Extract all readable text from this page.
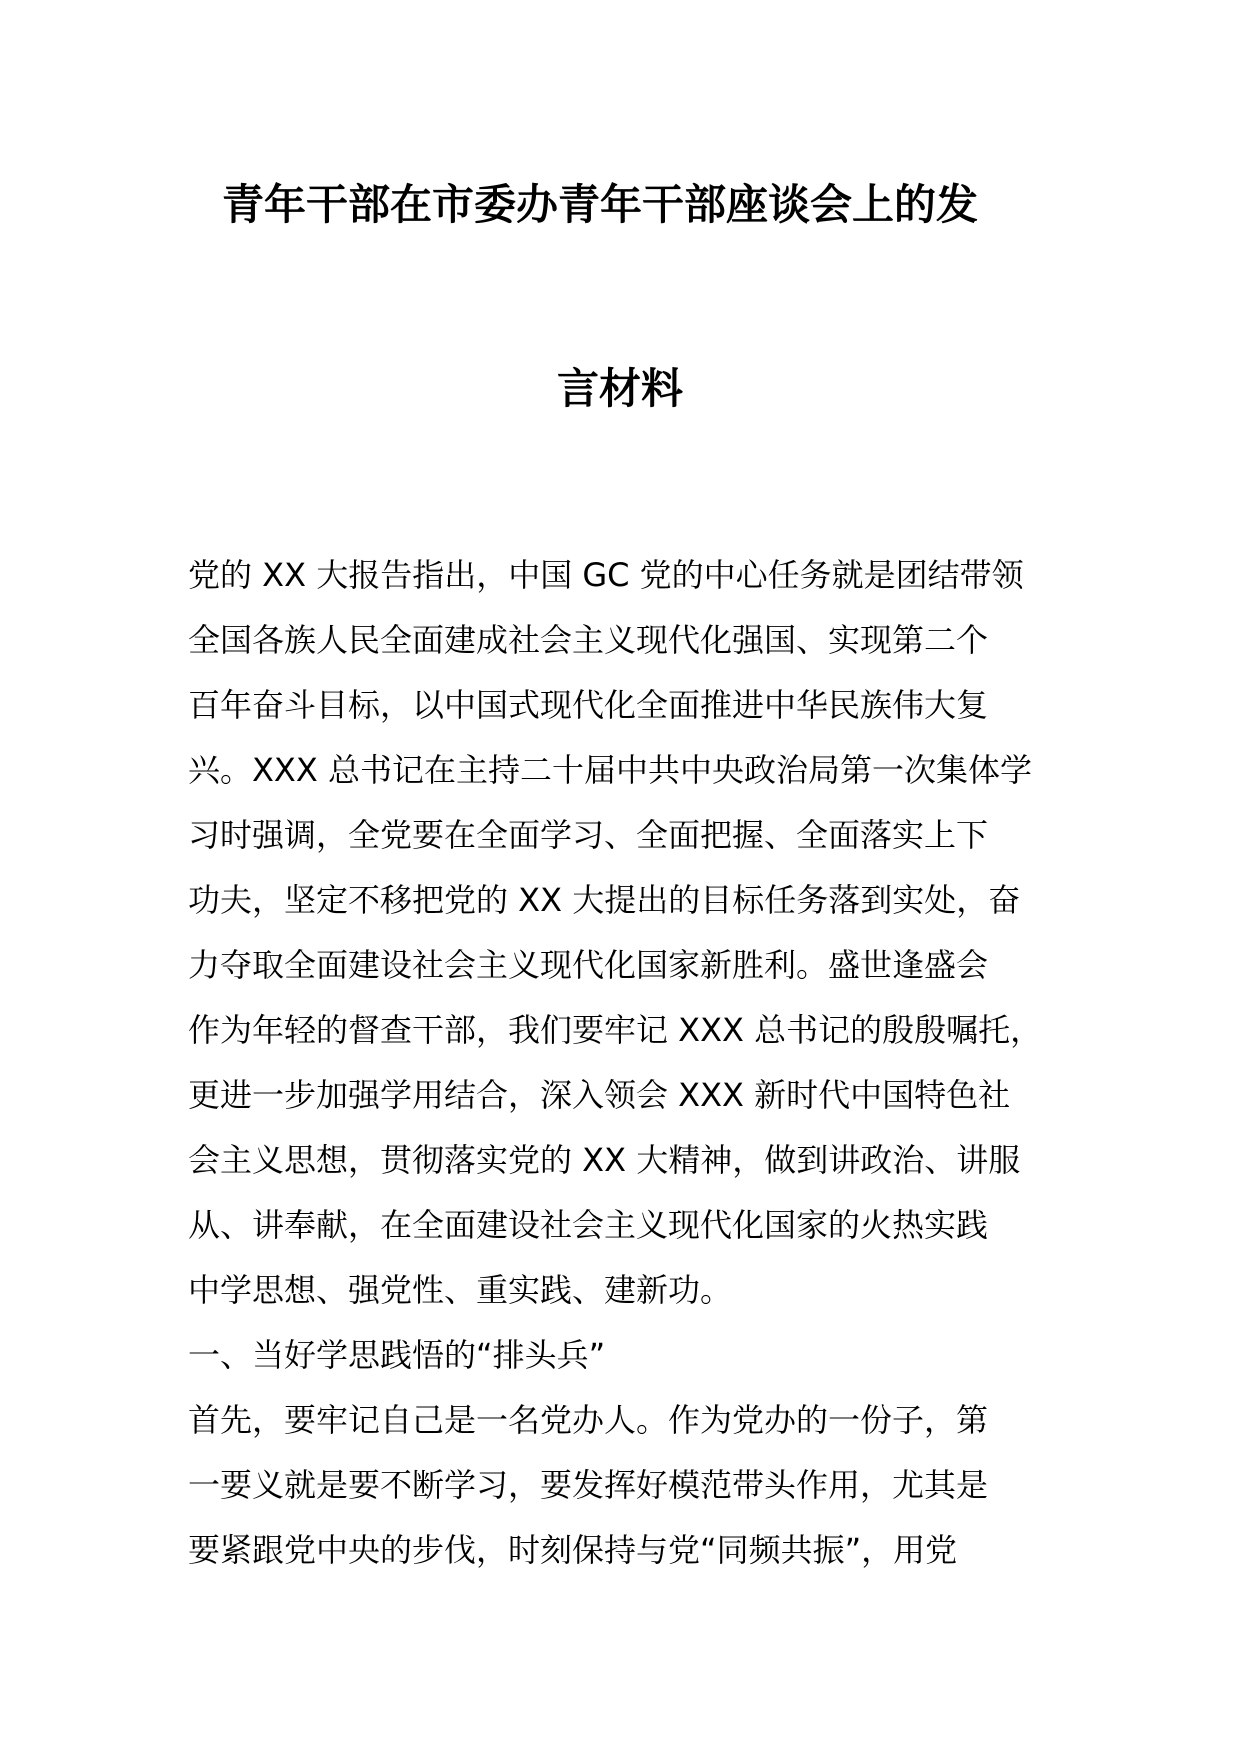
青年干部在市委办青年干部座谈会上的发
言材料
党的 XX 大报告指出，中国 GC 党的中心任务就是团结带领
全国各族人民全面建成社会主义现代化强国、实现第二个
百年奋斗目标，以中国式现代化全面推进中华民族伟大复
兴。XXX 总书记在主持二十届中共中央政治局第一次集体学
习时强调，全党要在全面学习、全面把握、全面落实上下
功夫，坚定不移把党的 XX 大提出的目标任务落到实处，奋
力夺取全面建设社会主义现代化国家新胜利。盛世逢盛会
作为年轻的督查干部，我们要牢记 XXX 总书记的殷殷嘱托，
更进一步加强学用结合，深入领会 XXX 新时代中国特色社
会主义思想，贯彻落实党的 XX 大精神，做到讲政治、讲服
从、讲奉献，在全面建设社会主义现代化国家的火热实践
中学思想、强党性、重实践、建新功。
一、当好学思践悟的“排头兵”
首先，要牢记自己是一名党办人。作为党办的一份子，第
一要义就是要不断学习，要发挥好模范带头作用，尤其是
要紧跟党中央的步伐，时刻保持与党“同频共振”，用党
